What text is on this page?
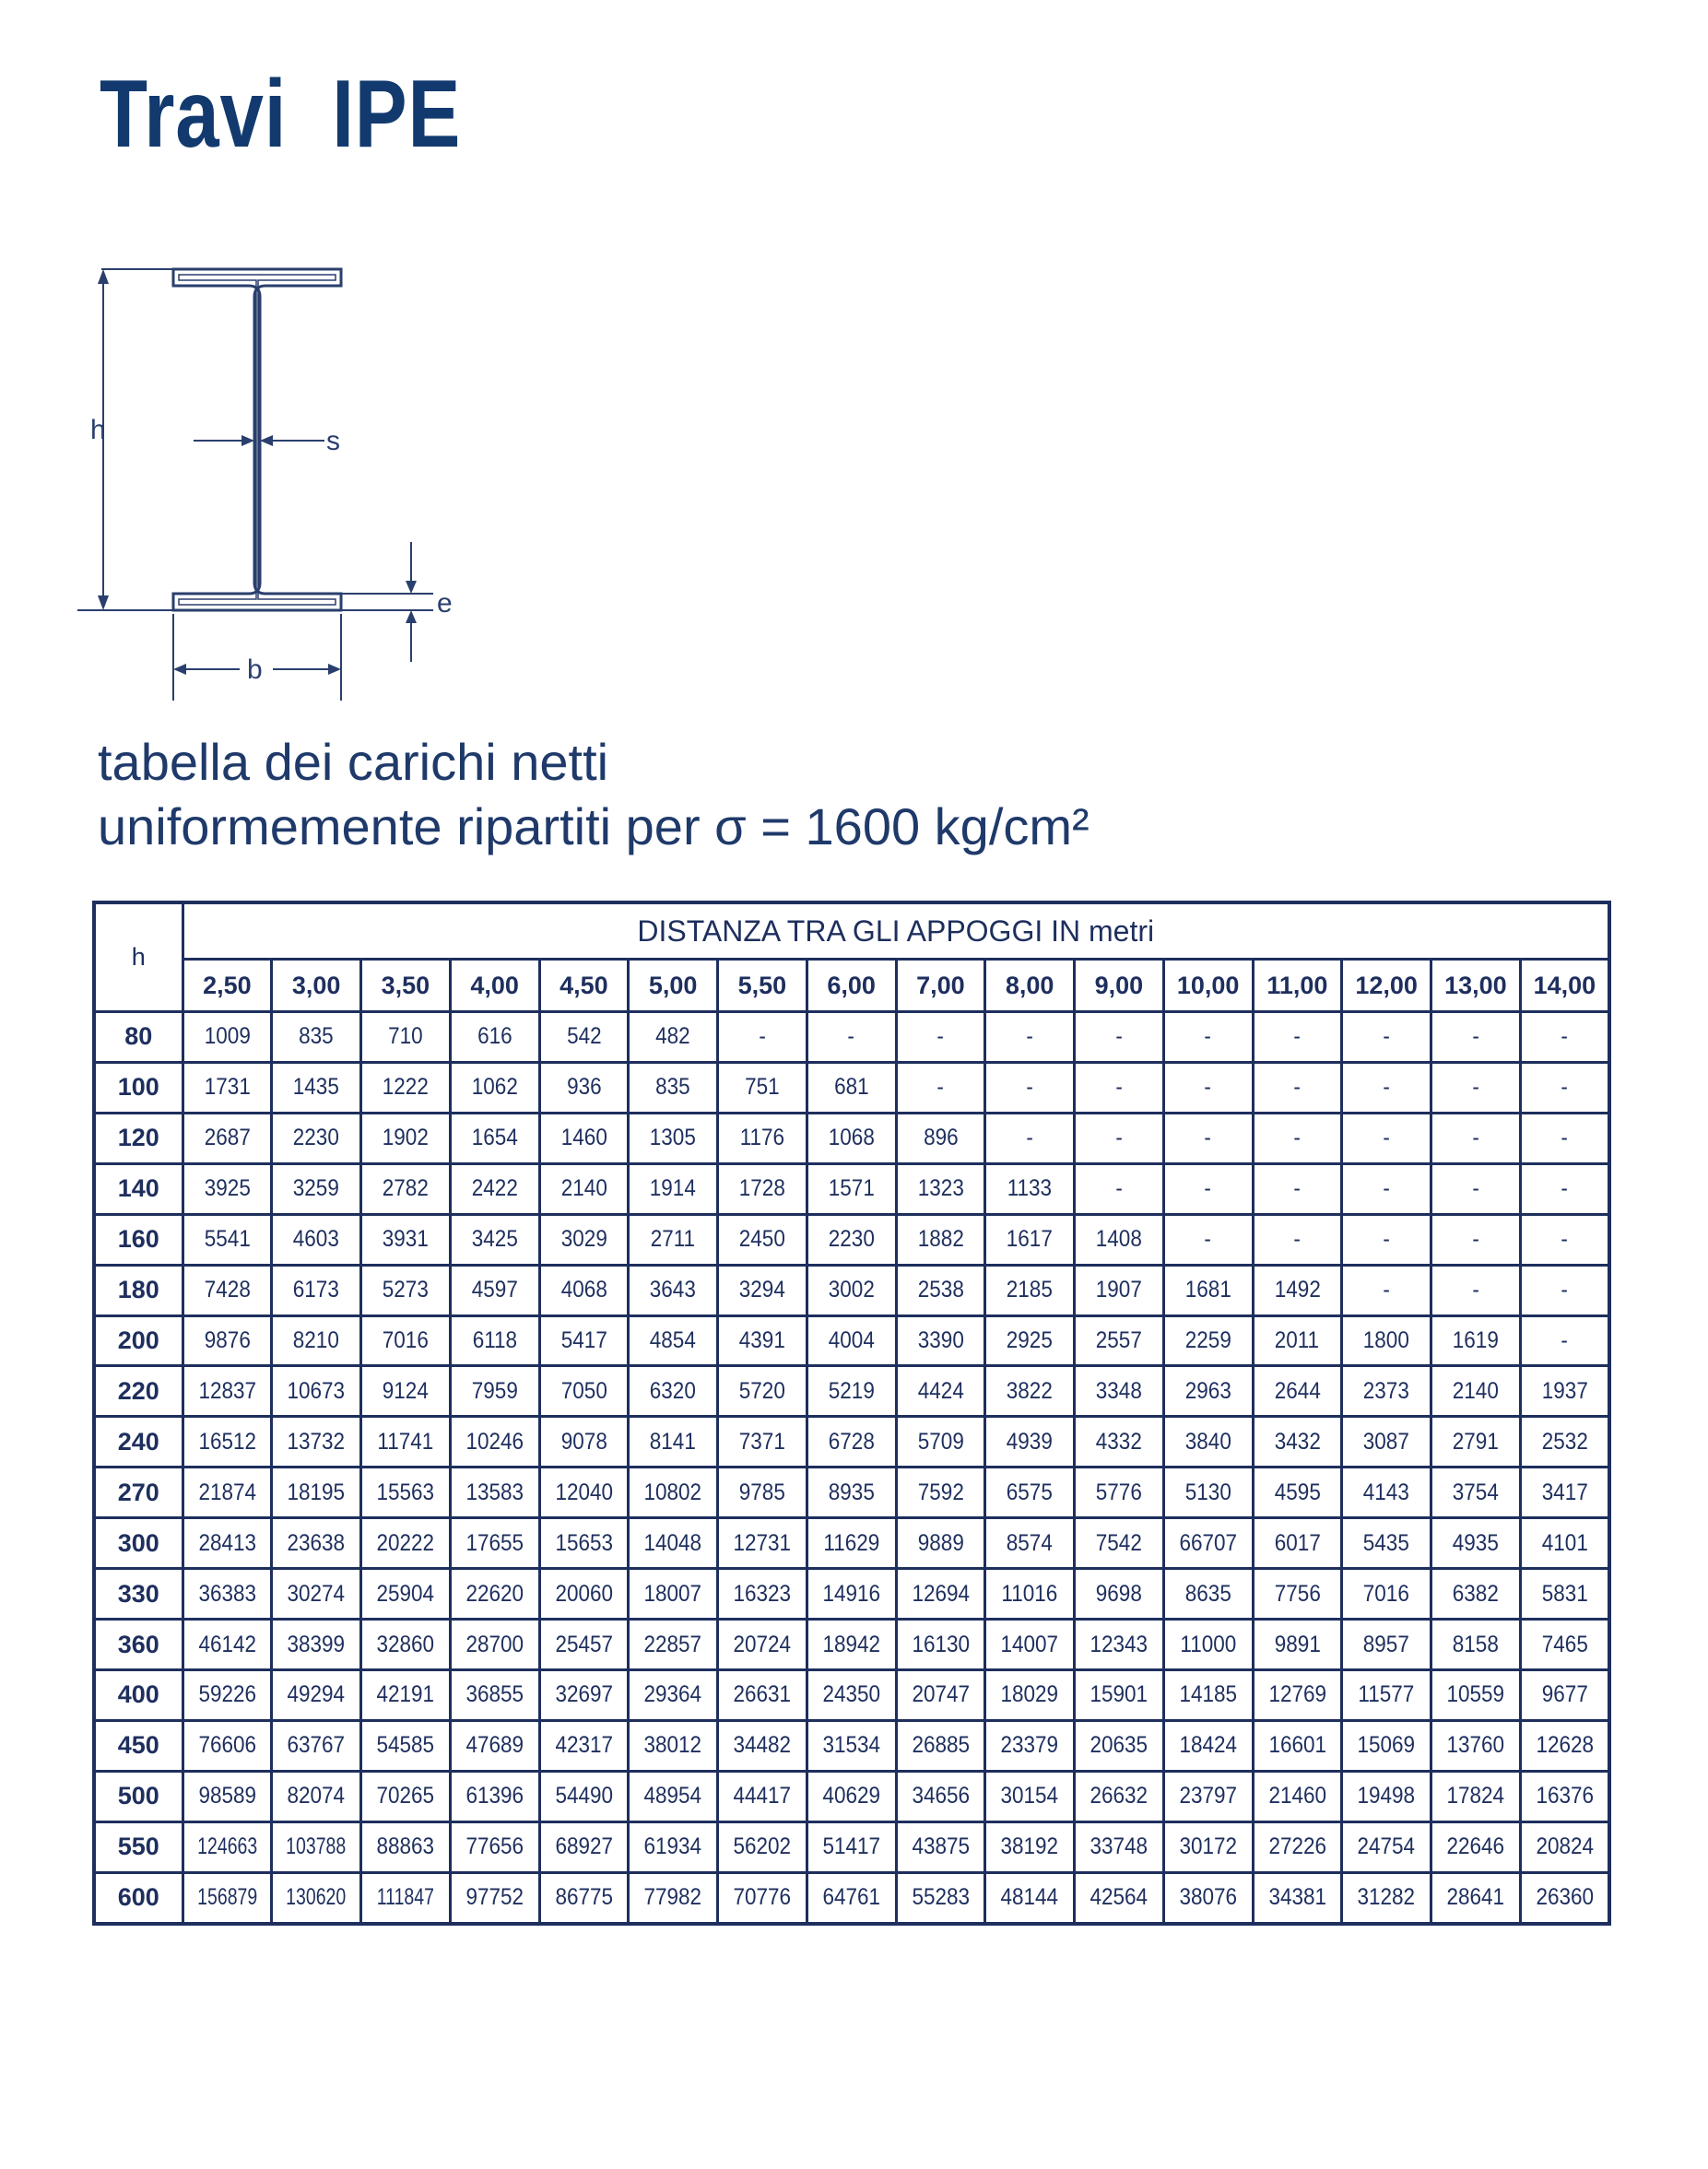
Travi  IPE
h	s
e
b
tabella dei carichi netti
uniformemente ripartiti per σ = 1600 kg/cm²
h	DISTANZA TRA GLI APPOGGI IN metri															
	2,50	3,00	3,50	4,00	4,50	5,00	5,50	6,00	7,00	8,00	9,00	10,00	11,00	12,00	13,00	14,00
80	1009	835	710	616	542	482	-	-	-	-	-	-	-	-	-	-
100	1731	1435	1222	1062	936	835	751	681	-	-	-	-	-	-	-	-
120	2687	2230	1902	1654	1460	1305	1176	1068	896	-	-	-	-	-	-	-
140	3925	3259	2782	2422	2140	1914	1728	1571	1323	1133	-	-	-	-	-	-
160	5541	4603	3931	3425	3029	2711	2450	2230	1882	1617	1408	-	-	-	-	-
180	7428	6173	5273	4597	4068	3643	3294	3002	2538	2185	1907	1681	1492	-	-	-
200	9876	8210	7016	6118	5417	4854	4391	4004	3390	2925	2557	2259	2011	1800	1619	-
220	12837	10673	9124	7959	7050	6320	5720	5219	4424	3822	3348	2963	2644	2373	2140	1937
240	16512	13732	11741	10246	9078	8141	7371	6728	5709	4939	4332	3840	3432	3087	2791	2532
270	21874	18195	15563	13583	12040	10802	9785	8935	7592	6575	5776	5130	4595	4143	3754	3417
300	28413	23638	20222	17655	15653	14048	12731	11629	9889	8574	7542	66707	6017	5435	4935	4101
330	36383	30274	25904	22620	20060	18007	16323	14916	12694	11016	9698	8635	7756	7016	6382	5831
360	46142	38399	32860	28700	25457	22857	20724	18942	16130	14007	12343	11000	9891	8957	8158	7465
400	59226	49294	42191	36855	32697	29364	26631	24350	20747	18029	15901	14185	12769	11577	10559	9677
450	76606	63767	54585	47689	42317	38012	34482	31534	26885	23379	20635	18424	16601	15069	13760	12628
500	98589	82074	70265	61396	54490	48954	44417	40629	34656	30154	26632	23797	21460	19498	17824	16376
550	124663	103788	88863	77656	68927	61934	56202	51417	43875	38192	33748	30172	27226	24754	22646	20824
600	156879	130620	111847	97752	86775	77982	70776	64761	55283	48144	42564	38076	34381	31282	28641	26360
